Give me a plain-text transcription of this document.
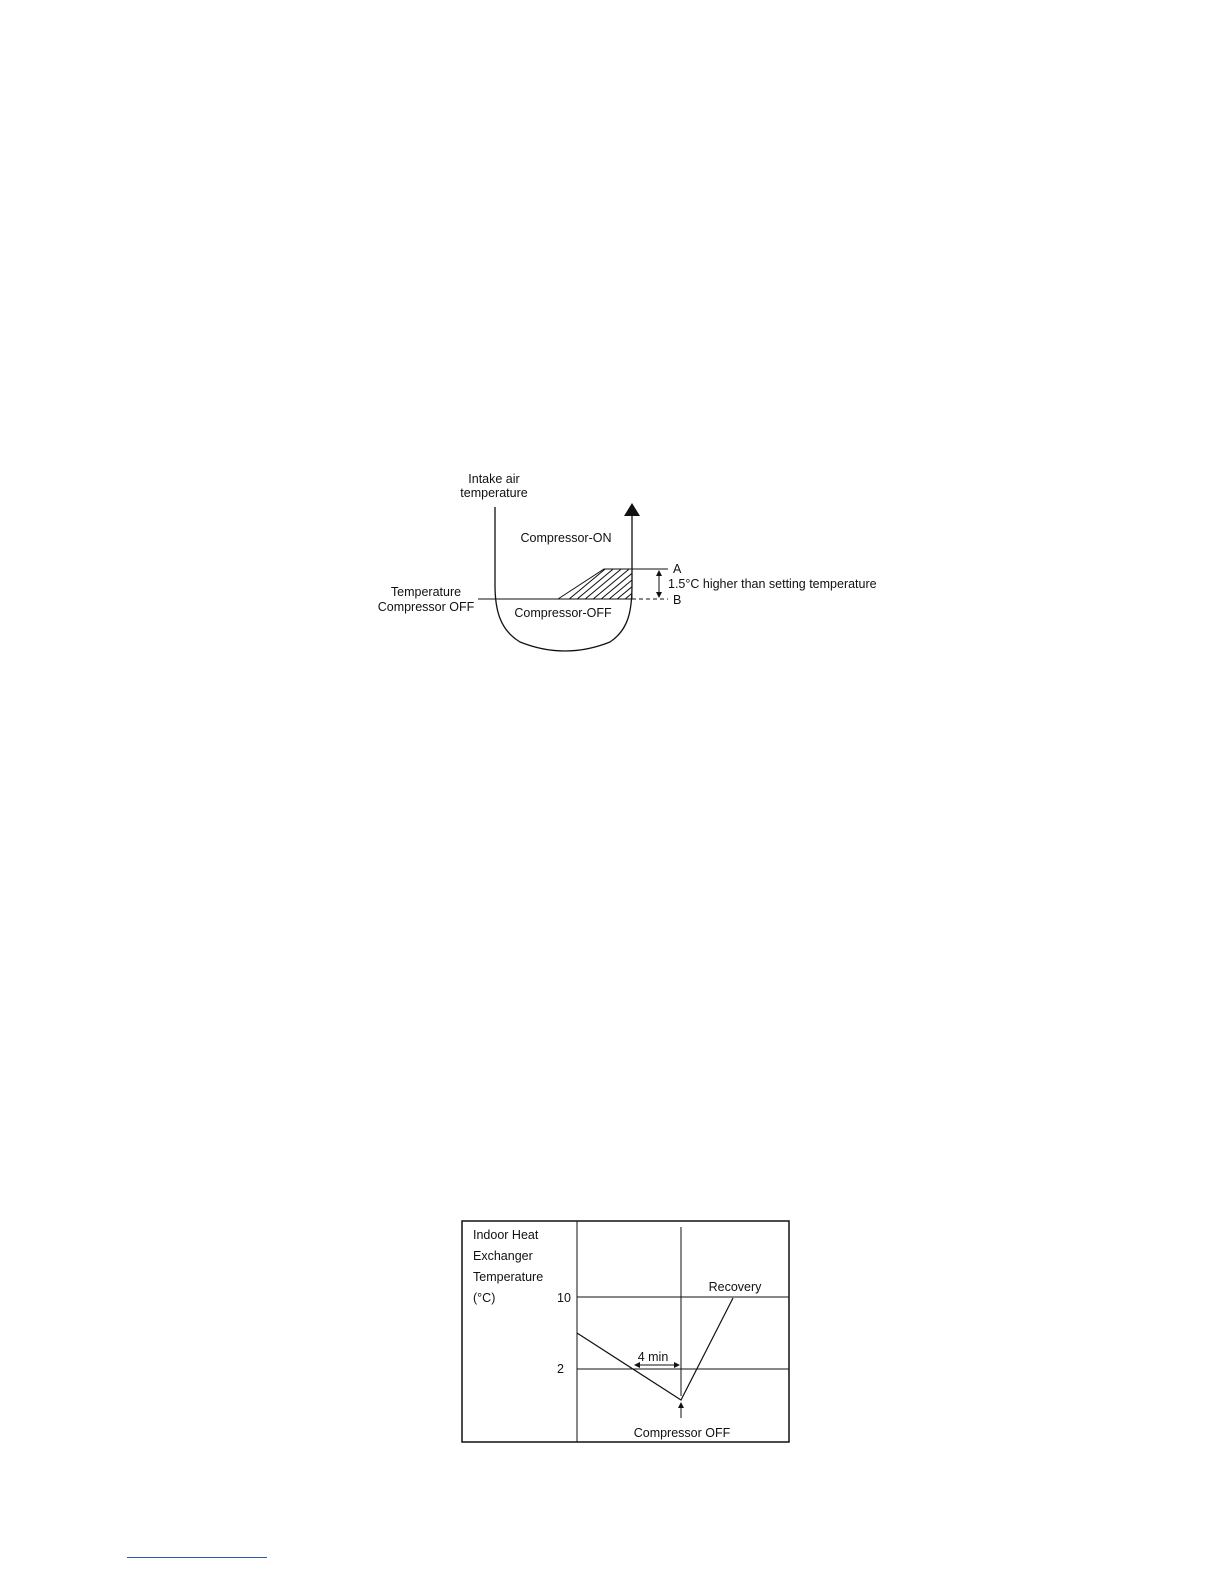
Intake air
temperature
Compressor-ON
A
1.5°C higher than setting temperature
B
Temperature
Compressor OFF	Compressor-OFF
Indoor Heat
Exchanger
Temperature
(°C)	10
2
4 min
Recovery
Compressor OFF
